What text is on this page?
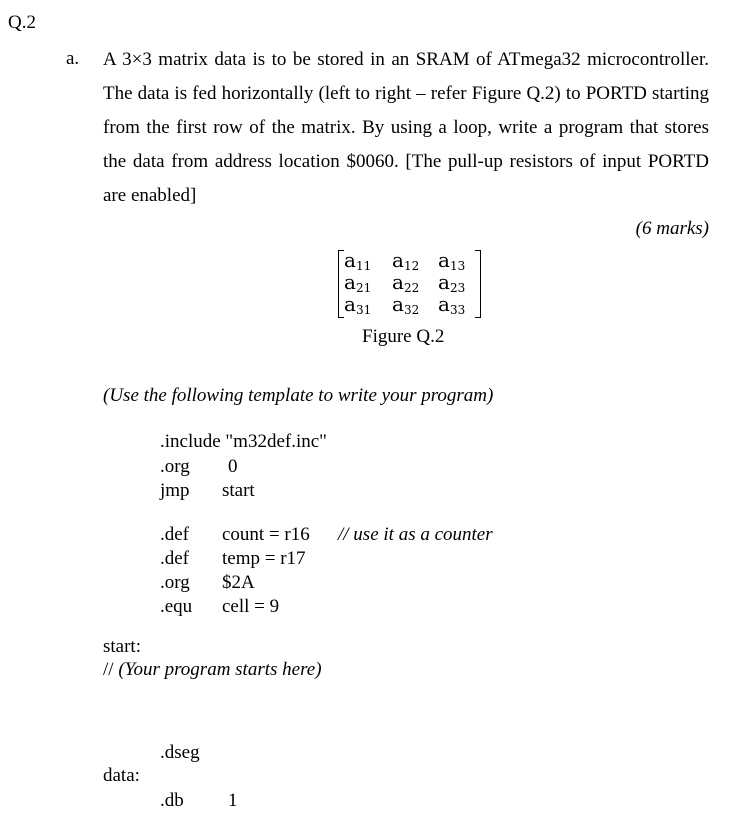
Q.2
a. A 3×3 matrix data is to be stored in an SRAM of ATmega32 microcontroller. The data is fed horizontally (left to right – refer Figure Q.2) to PORTD starting from the first row of the matrix. By using a loop, write a program that stores the data from address location $0060. [The pull-up resistors of input PORTD are enabled]
(6 marks)
$a_{11}$ $a_{12}$ $a_{13}$
$a_{21}$ $a_{22}$ $a_{23}$
$a_{31}$ $a_{32}$ $a_{33}$
Figure Q.2
(Use the following template to write your program)
.include "m32def.inc"
.org 0
jmp start
.def count = r16 // use it as a counter
.def temp = r17
.org $2A
.equ cell = 9
start:
// (Your program starts here)
.dseg
data:
.db 1
